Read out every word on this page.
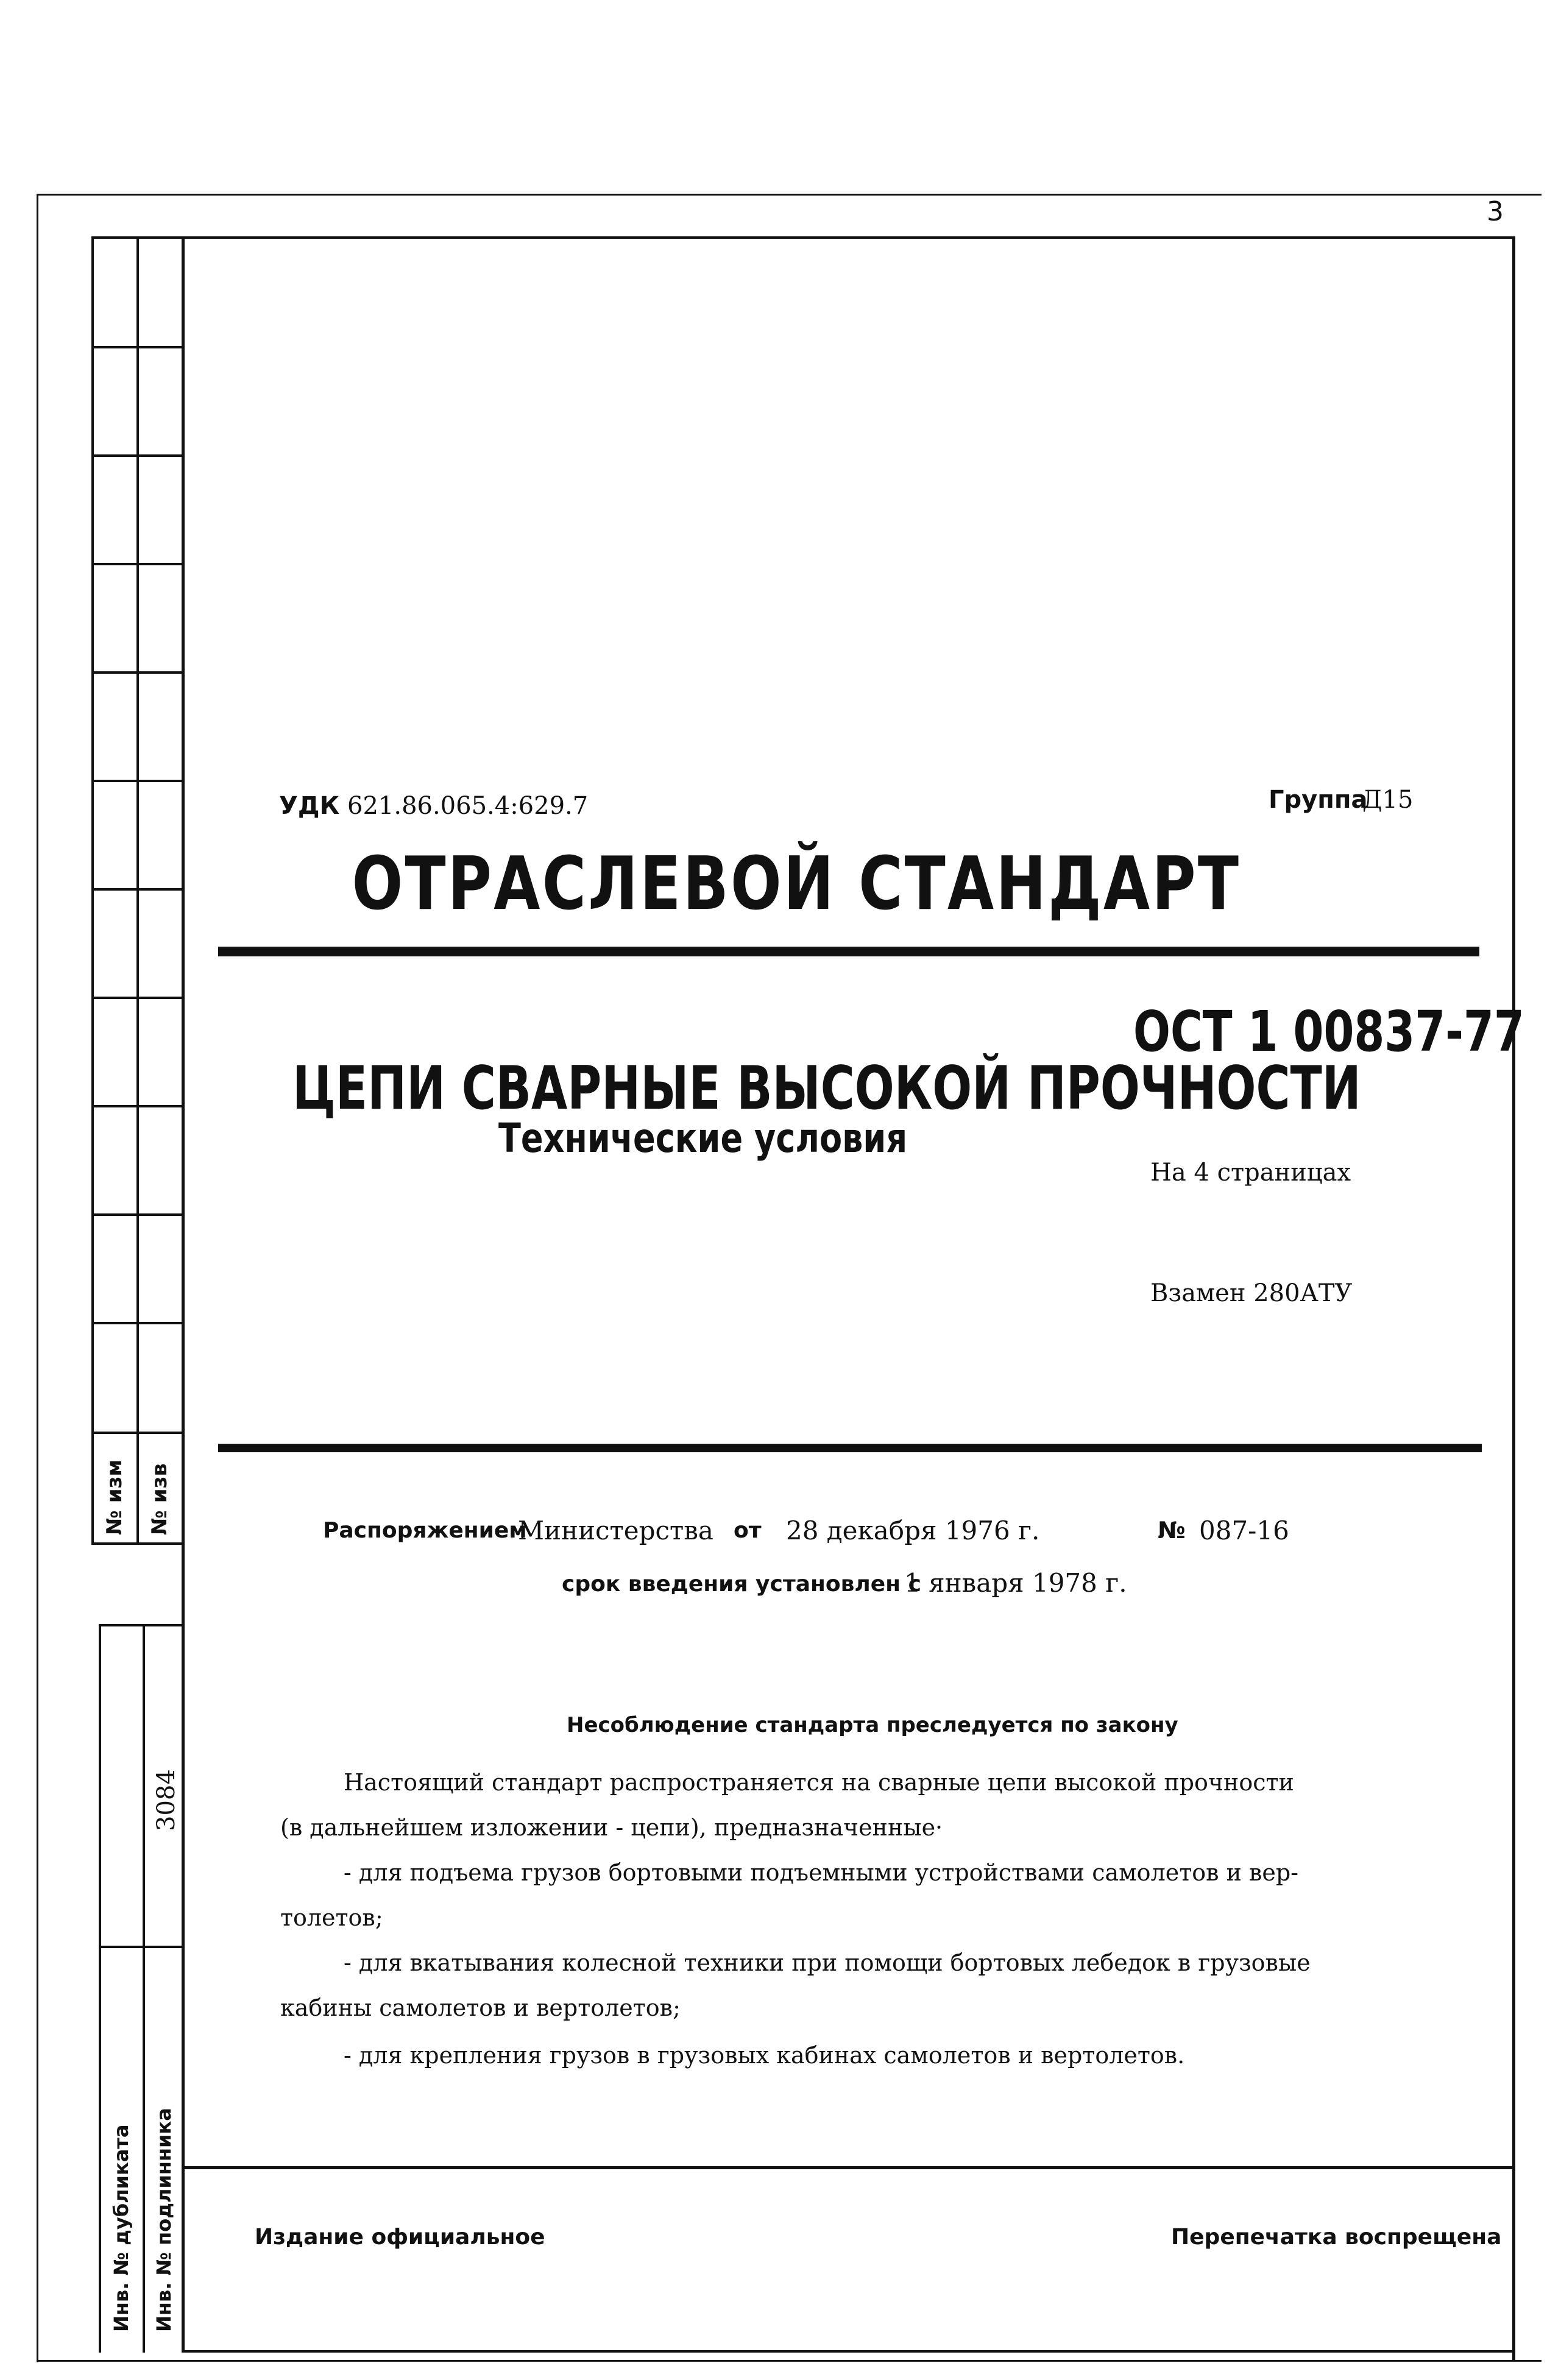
3
№ изм № изв
3084
Инв. № дубликата Инв. № подлинника
УДК 621.86.065.4:629.7	Группа
Д15
ОТРАСЛЕВОЙ СТАНДАРТ
ОСТ 1 00837-77
ЦЕПИ СВАРНЫЕ ВЫСОКОЙ ПРОЧНОСТИ
Технические условия
На 4 страницах
Взамен 280АТУ
Распоряжением
Министерства от 28 декабря 1976 г.	№ 087-16
срок введения установлен с
1 января 1978 г.
Несоблюдение стандарта преследуется по закону
Настоящий стандарт распространяется на сварные цепи высокой прочности
(в дальнейшем изложении - цепи), предназначенные·
- для подъема грузов бортовыми подъемными устройствами самолетов и вер-
толетов;
- для вкатывания колесной техники при помощи бортовых лебедок в грузовые
кабины самолетов и вертолетов;
- для крепления грузов в грузовых кабинах самолетов и вертолетов.
Издание официальное	Перепечатка воспрещена
